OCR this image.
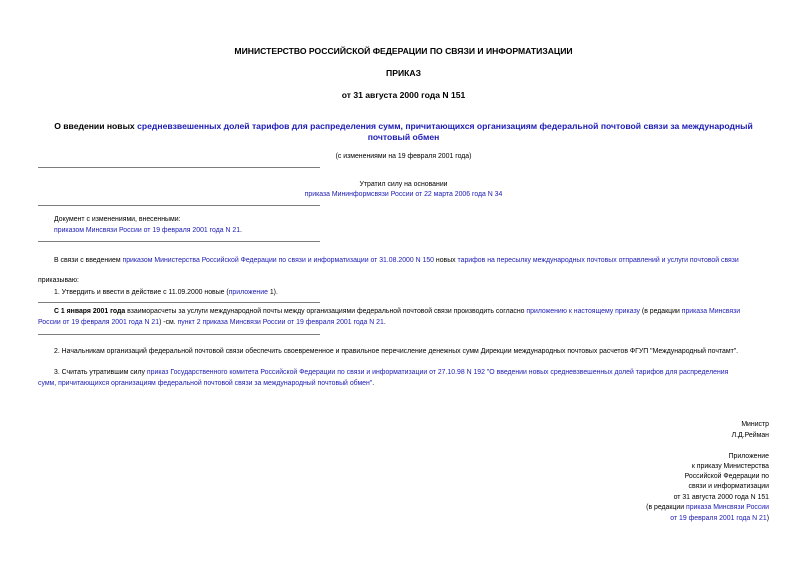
МИНИСТЕРСТВО РОССИЙСКОЙ ФЕДЕРАЦИИ ПО СВЯЗИ И ИНФОРМАТИЗАЦИИ
ПРИКАЗ
от 31 августа 2000 года N 151
О введении новых средневзвешенных долей тарифов для распределения сумм, причитающихся организациям федеральной почтовой связи за международный
почтовый обмен
(с изменениями на 19 февраля 2001 года)
Утратил силу на основании
приказа Мининформсвязи России от 22 марта 2006 года N 34
Документ с изменениями, внесенными:
приказом Минсвязи России от 19 февраля 2001 года N 21.
В связи с введением приказом Министерства Российской Федерации по связи и информатизации от 31.08.2000 N 150 новых тарифов на пересылку международных почтовых отправлений и услуги почтовой связи
приказываю:
1. Утвердить и ввести в действие с 11.09.2000 новые (приложение 1).
С 1 января 2001 года взаиморасчеты за услуги международной почты между организациями федеральной почтовой связи производить согласно приложению к настоящему приказу (в редакции приказа Минсвязи
России от 19 февраля 2001 года N 21) -см. пункт 2 приказа Минсвязи России от 19 февраля 2001 года N 21.
2. Начальникам организаций федеральной почтовой связи обеспечить своевременное и правильное перечисление денежных сумм Дирекции международных почтовых расчетов ФГУП "Международный почтамт".
3. Считать утратившим силу приказ Государственного комитета Российской Федерации по связи и информатизации от 27.10.98 N 192 "О введении новых средневзвешенных долей тарифов для распределения
сумм, причитающихся организациям федеральной почтовой связи за международный почтовый обмен".
Министр
Л.Д.Рейман
Приложение
к приказу Министерства
Российской Федерации по
связи и информатизации
от 31 августа 2000 года N 151
(в редакции приказа Минсвязи России
от 19 февраля 2001 года N 21)
